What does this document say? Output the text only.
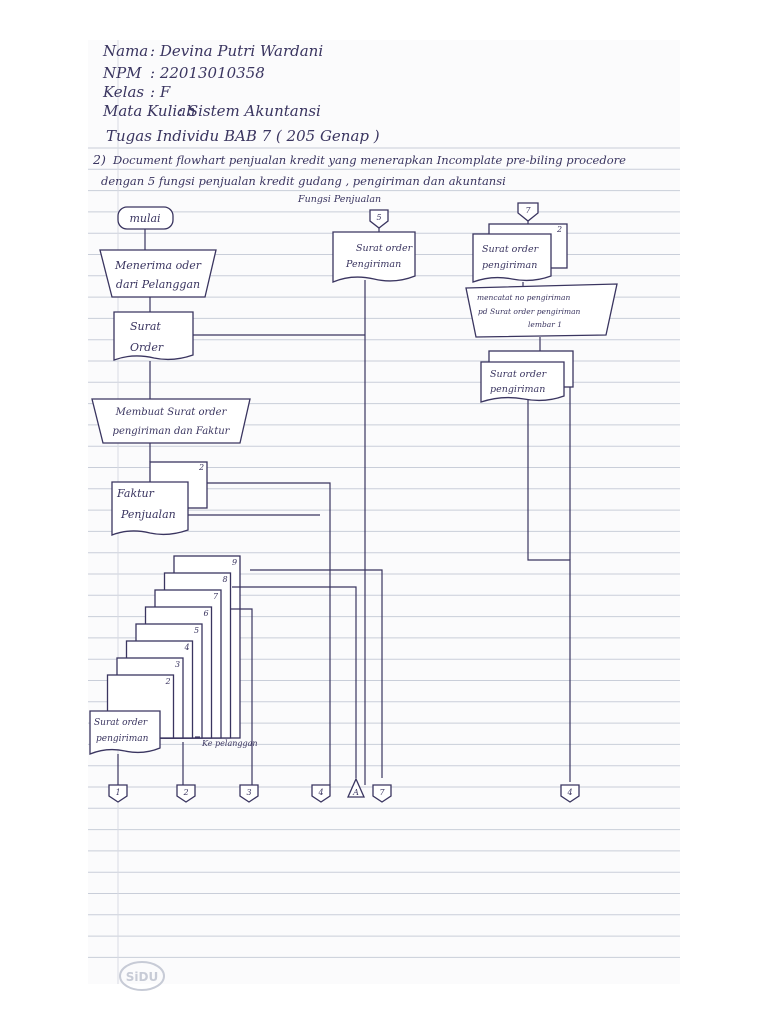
Nama : Devina Putri Wardani
NPM : 22013010358
Kelas : F
Mata Kuliah
: Sistem Akuntansi
Tugas Individu BAB 7 ( 205 Genap )
2) Document flowhart penjualan kredit yang menerapkan Incomplate pre-biling procedore
dengan 5 fungsi penjualan kredit gudang , pengiriman dan akuntansi
Fungsi Penjualan
mulai
Menerima oder
dari Pelanggan
Surat
Order
Membuat Surat order
pengiriman dan Faktur
2
Faktur
Penjualan
9
8
7
6
5
4
3
2
Surat order
pengiriman	Ke pelanggan
5
Surat order
Pengiriman
7
2
Surat order
pengiriman
mencatat no pengiriman
pd Surat order pengiriman
lembar 1
Surat order
pengiriman
1	2	3	4	A	7	4
SiDU
